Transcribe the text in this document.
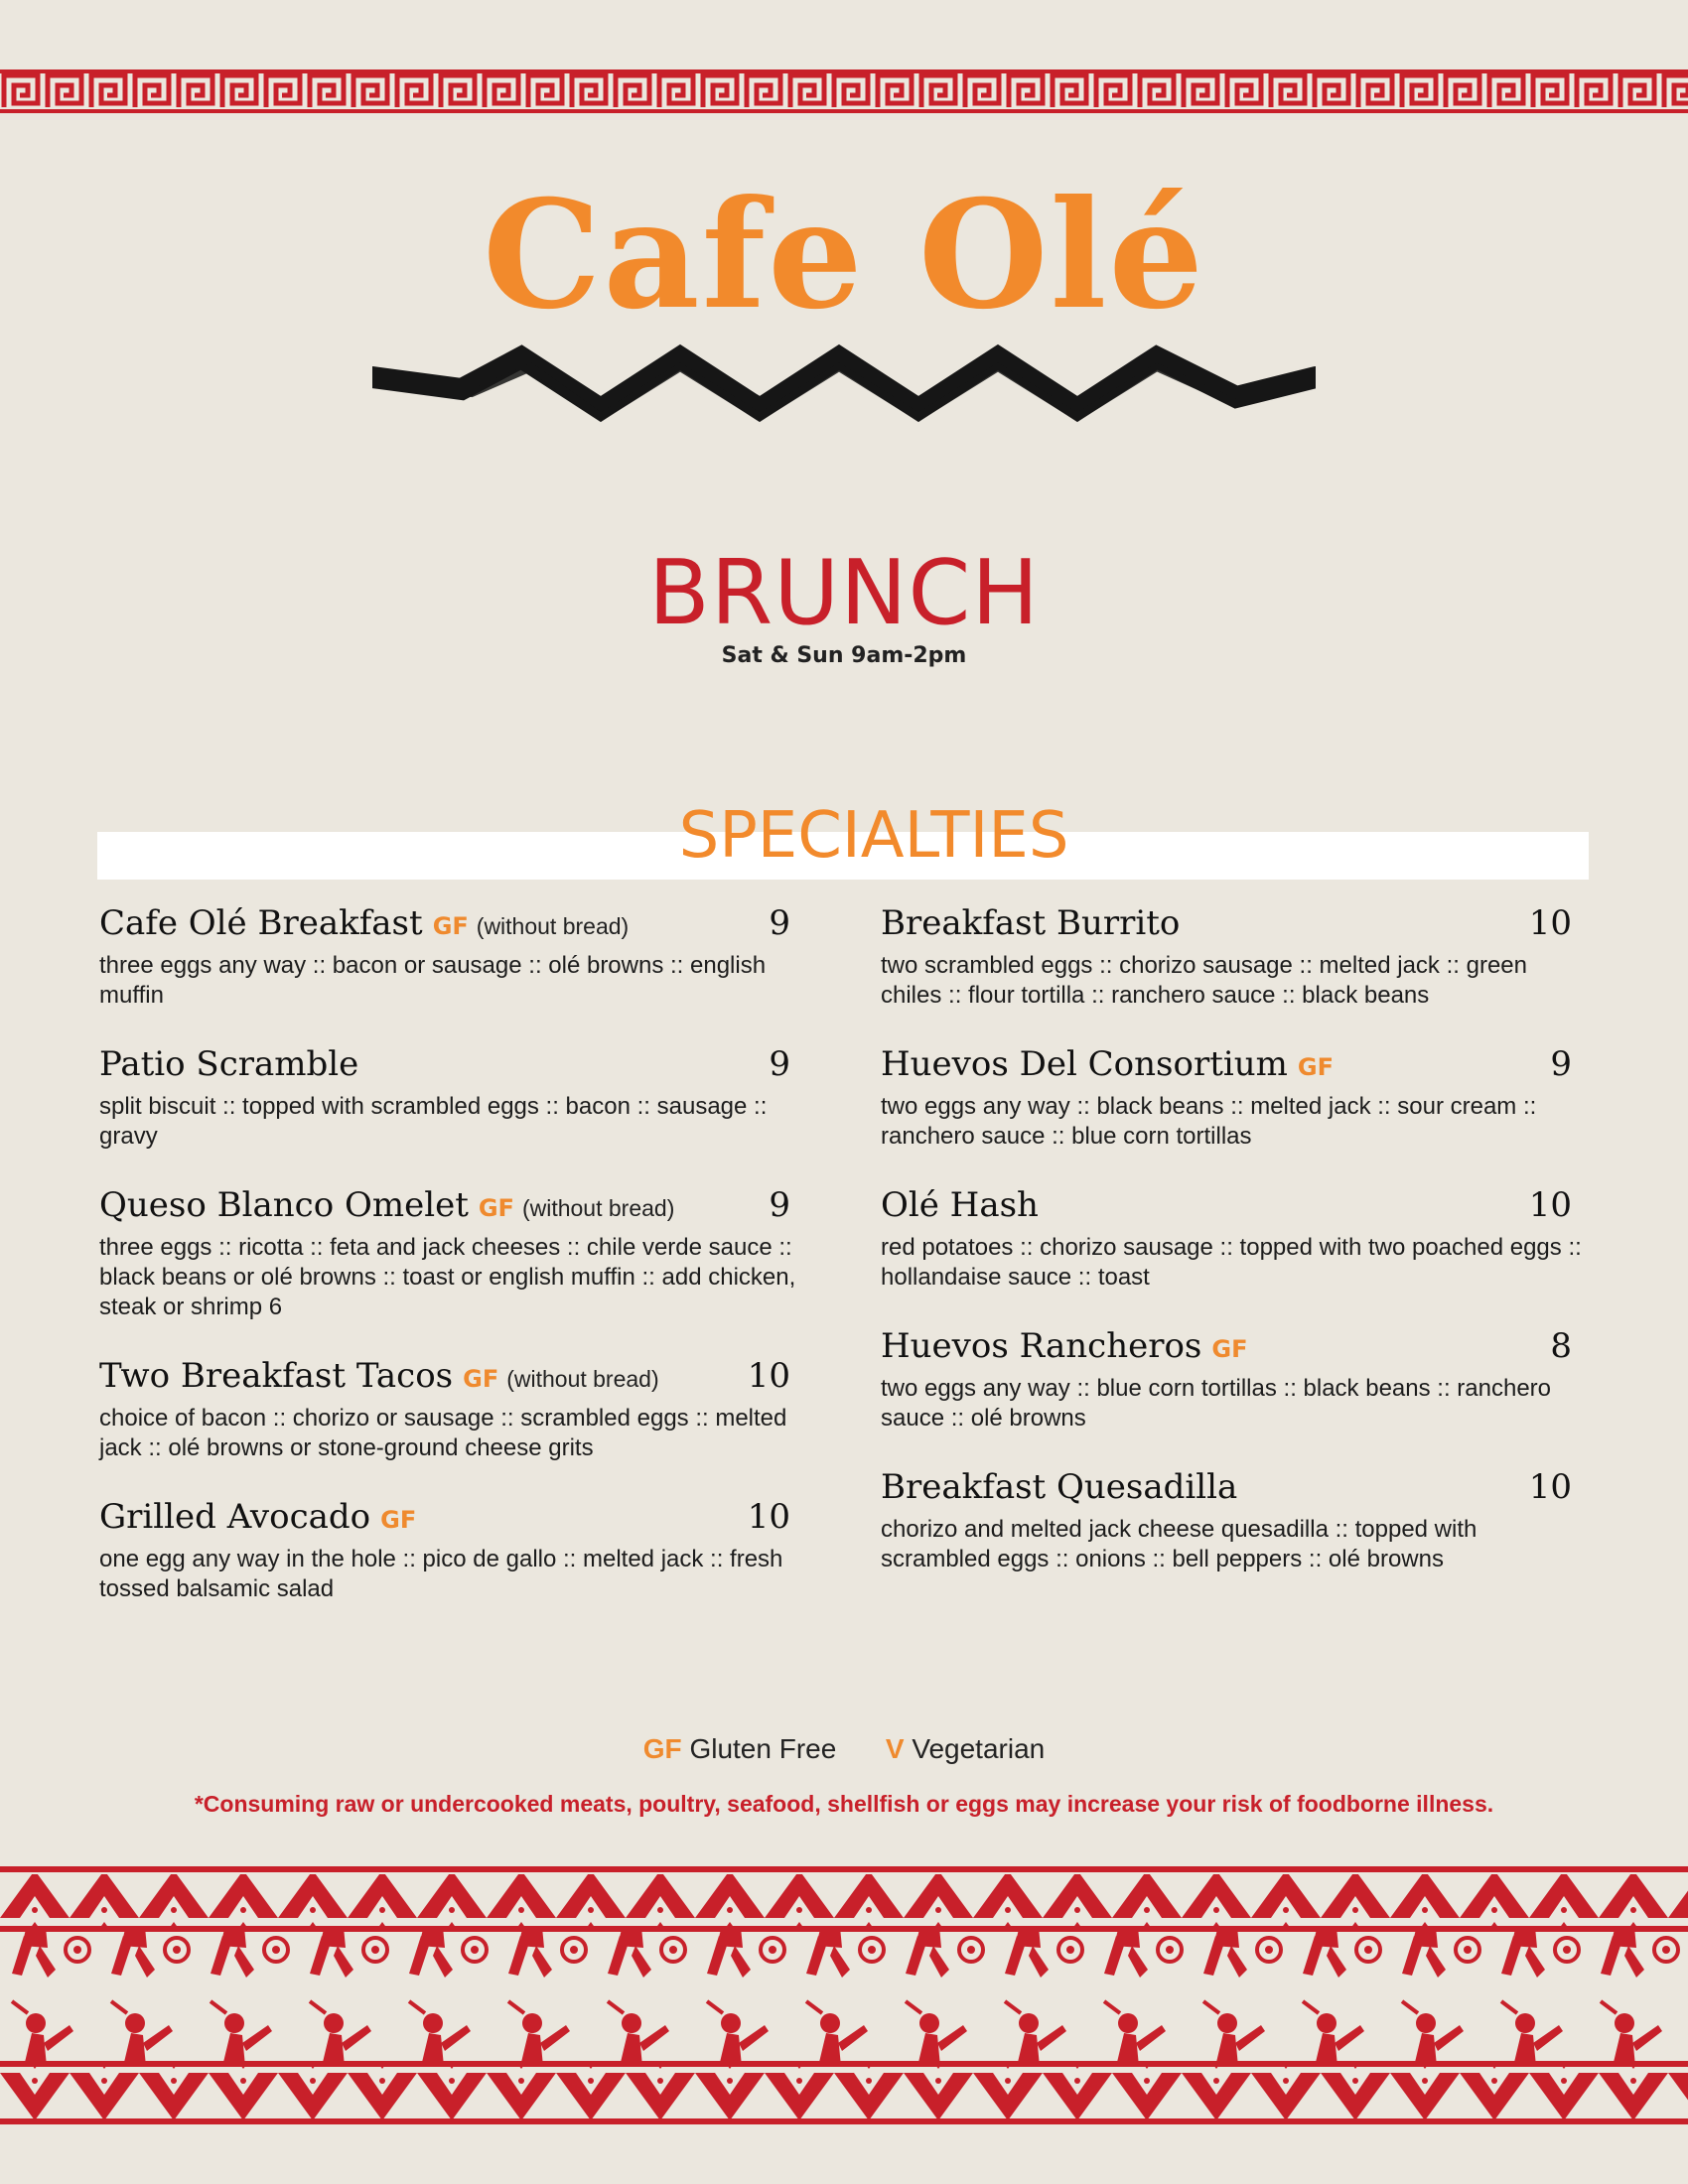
Cafe Olé
BRUNCH
Sat & Sun 9am-2pm
SPECIALTIES
Cafe Olé Breakfast GF (without bread)	9
three eggs any way :: bacon or sausage :: olé browns :: english muffin
Patio Scramble	9
split biscuit :: topped with scrambled eggs :: bacon :: sausage :: gravy
Queso Blanco Omelet GF (without bread)	9
three eggs :: ricotta :: feta and jack cheeses :: chile verde sauce :: black beans or olé browns :: toast or english muffin :: add chicken, steak or shrimp 6
Two Breakfast Tacos GF (without bread)	10
choice of bacon :: chorizo or sausage :: scrambled eggs :: melted jack :: olé browns or stone-ground cheese grits
Grilled Avocado GF	10
one egg any way in the hole :: pico de gallo :: melted jack :: fresh tossed balsamic salad
Breakfast Burrito	10
two scrambled eggs :: chorizo sausage :: melted jack :: green chiles :: flour tortilla :: ranchero sauce :: black beans
Huevos Del Consortium GF	9
two eggs any way :: black beans :: melted jack :: sour cream :: ranchero sauce :: blue corn tortillas
Olé Hash	10
red potatoes :: chorizo sausage :: topped with two poached eggs :: hollandaise sauce :: toast
Huevos Rancheros GF	8
two eggs any way :: blue corn tortillas :: black beans :: ranchero sauce :: olé browns
Breakfast Quesadilla	10
chorizo and melted jack cheese quesadilla :: topped with scrambled eggs :: onions :: bell peppers :: olé browns
GF Gluten Free V Vegetarian
*Consuming raw or undercooked meats, poultry, seafood, shellfish or eggs may increase your risk of foodborne illness.
